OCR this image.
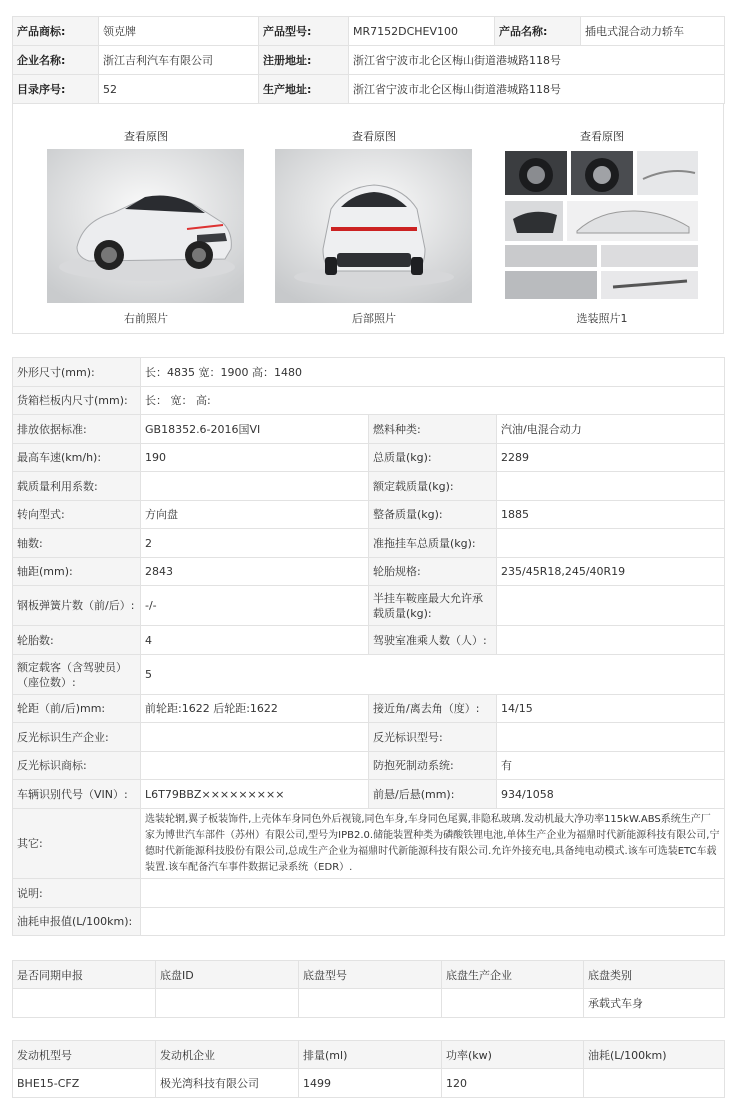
产品商标:	领克牌	产品型号:	MR7152DCHEV100	产品名称:	插电式混合动力轿车
企业名称:	浙江吉利汽车有限公司	注册地址:	浙江省宁波市北仑区梅山街道港城路118号		
目录序号:	52	生产地址:	浙江省宁波市北仑区梅山街道港城路118号		
查看原图
右前照片
查看原图
后部照片
查看原图
选装照片1
外形尺寸(mm):	长：4835 宽：1900 高：1480		
货箱栏板内尺寸(mm):	长： 宽： 高:		
排放依据标准:	GB18352.6-2016国VI	燃料种类:	汽油/电混合动力
最高车速(km/h):	190	总质量(kg):	2289
载质量利用系数:		额定载质量(kg):	
转向型式:	方向盘	整备质量(kg):	1885
轴数:	2	准拖挂车总质量(kg):	
轴距(mm):	2843	轮胎规格:	235/45R18,245/40R19
钢板弹簧片数（前/后）:	-/-	半挂车鞍座最大允许承载质量(kg):	
轮胎数:	4	驾驶室准乘人数（人）:	
额定载客（含驾驶员）（座位数）:	5		
轮距（前/后)mm:	前轮距:1622 后轮距:1622	接近角/离去角（度）:	14/15
反光标识生产企业:		反光标识型号:	
反光标识商标:		防抱死制动系统:	有
车辆识别代号（VIN）:	L6T79BBZ×××××××××	前悬/后悬(mm):	934/1058
其它:	选装轮辋,翼子板装饰件,上壳体车身同色外后视镜,同色车身,车身同色尾翼,非隐私玻璃.发动机最大净功率115kW.ABS系统生产厂家为博世汽车部件（苏州）有限公司,型号为IPB2.0.储能装置种类为磷酸铁锂电池,单体生产企业为福鼎时代新能源科技有限公司,宁德时代新能源科技股份有限公司,总成生产企业为福鼎时代新能源科技有限公司.允许外接充电,具备纯电动模式.该车可选装ETC车载装置.该车配备汽车事件数据记录系统（EDR）.		
说明:			
油耗申报值(L/100km):			
是否同期申报	底盘ID	底盘型号	底盘生产企业	底盘类别
				承载式车身
发动机型号	发动机企业	排量(ml)	功率(kw)	油耗(L/100km)
BHE15-CFZ	极光湾科技有限公司	1499	120	
